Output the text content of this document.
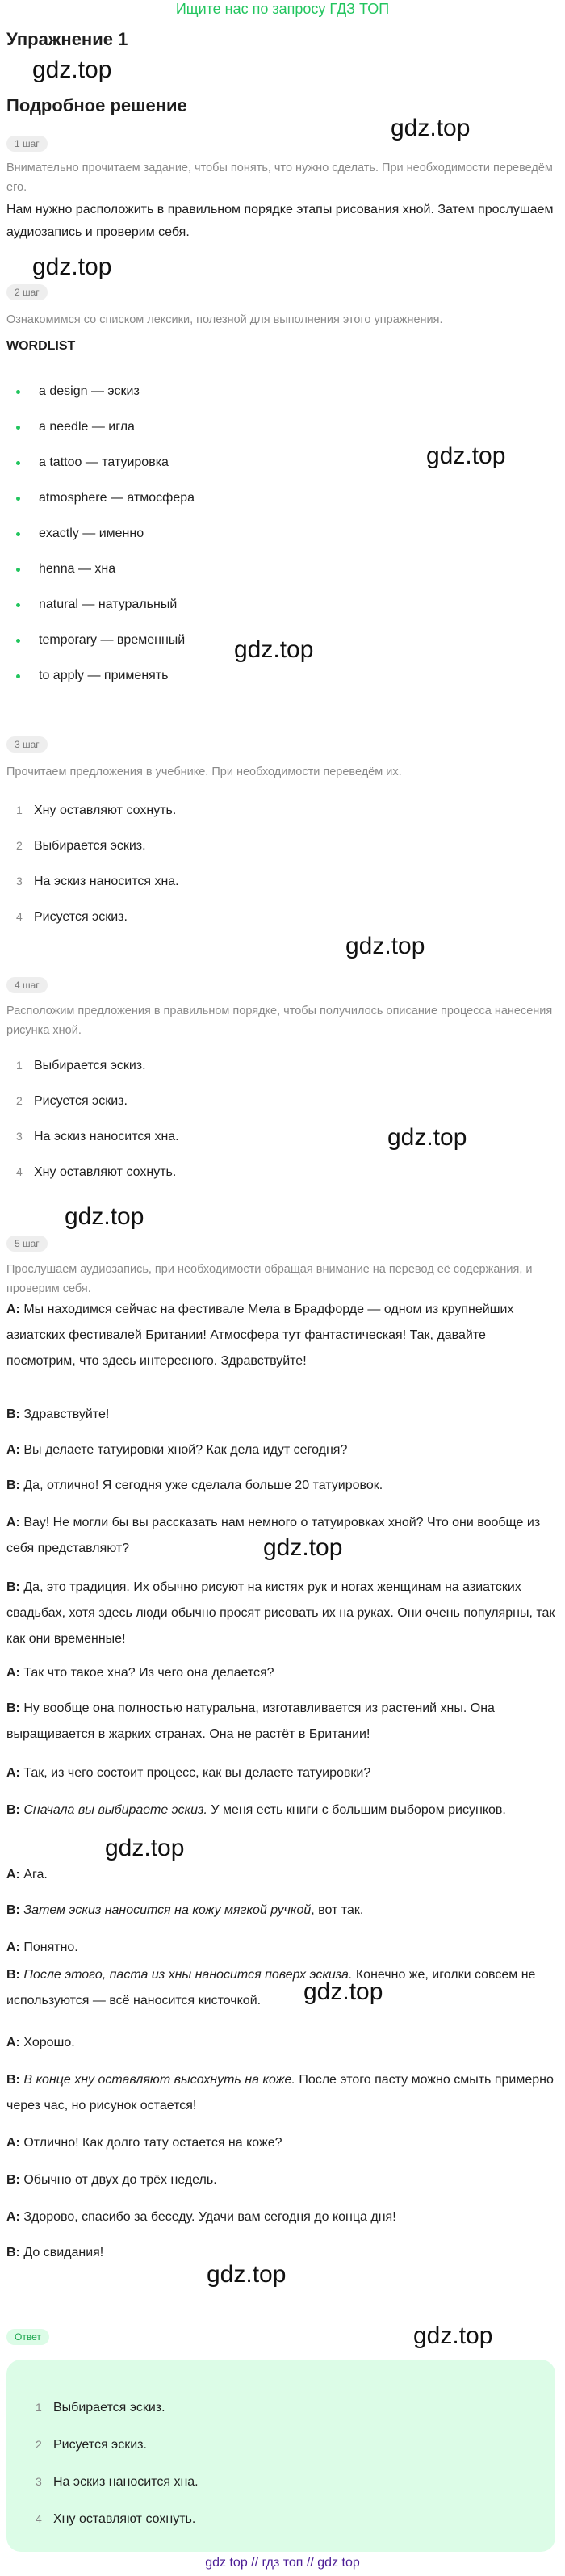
Ищите нас по запросу ГДЗ ТОП
Упражнение 1
Подробное решение
gdz.top
gdz.top
gdz.top
gdz.top
gdz.top
gdz.top
gdz.top
gdz.top
gdz.top
gdz.top
gdz.top
gdz.top
gdz.top
1 шаг
Внимательно прочитаем задание, чтобы понять, что нужно сделать. При необходимости переведём его.
Нам нужно расположить в правильном порядке этапы рисования хной. Затем прослушаем аудиозапись и проверим себя.
2 шаг
Ознакомимся со списком лексики, полезной для выполнения этого упражнения.
WORDLIST
a design — эскиз
a needle — игла
a tattoo — татуировка
atmosphere — атмосфера
exactly — именно
henna — хна
natural — натуральный
temporary — временный
to apply — применять
3 шаг
Прочитаем предложения в учебнике. При необходимости переведём их.
1 Хну оставляют сохнуть.
2 Выбирается эскиз.
3 На эскиз наносится хна.
4 Рисуется эскиз.
4 шаг
Расположим предложения в правильном порядке, чтобы получилось описание процесса нанесения рисунка хной.
1 Выбирается эскиз.
2 Рисуется эскиз.
3 На эскиз наносится хна.
4 Хну оставляют сохнуть.
5 шаг
Прослушаем аудиозапись, при необходимости обращая внимание на перевод её содержания, и проверим себя.
A: Мы находимся сейчас на фестивале Мела в Брадфорде — одном из крупнейших азиатских фестивалей Британии! Атмосфера тут фантастическая! Так, давайте посмотрим, что здесь интересного. Здравствуйте!
B: Здравствуйте!
A: Вы делаете татуировки хной? Как дела идут сегодня?
B: Да, отлично! Я сегодня уже сделала больше 20 татуировок.
A: Вау! Не могли бы вы рассказать нам немного о татуировках хной? Что они вообще из себя представляют?
B: Да, это традиция. Их обычно рисуют на кистях рук и ногах женщинам на азиатских свадьбах, хотя здесь люди обычно просят рисовать их на руках. Они очень популярны, так как они временные!
A: Так что такое хна? Из чего она делается?
B: Ну вообще она полностью натуральна, изготавливается из растений хны. Она выращивается в жарких странах. Она не растёт в Британии!
A: Так, из чего состоит процесс, как вы делаете татуировки?
B: Сначала вы выбираете эскиз. У меня есть книги с большим выбором рисунков.
A: Ага.
B: Затем эскиз наносится на кожу мягкой ручкой, вот так.
A: Понятно.
B: После этого, паста из хны наносится поверх эскиза. Конечно же, иголки совсем не используются — всё наносится кисточкой.
A: Хорошо.
B: В конце хну оставляют высохнуть на коже. После этого пасту можно смыть примерно через час, но рисунок остается!
A: Отлично! Как долго тату остается на коже?
B: Обычно от двух до трёх недель.
A: Здорово, спасибо за беседу. Удачи вам сегодня до конца дня!
B: До свидания!
Ответ
1 Выбирается эскиз.
2 Рисуется эскиз.
3 На эскиз наносится хна.
4 Хну оставляют сохнуть.
gdz top // гдз топ // gdz top
